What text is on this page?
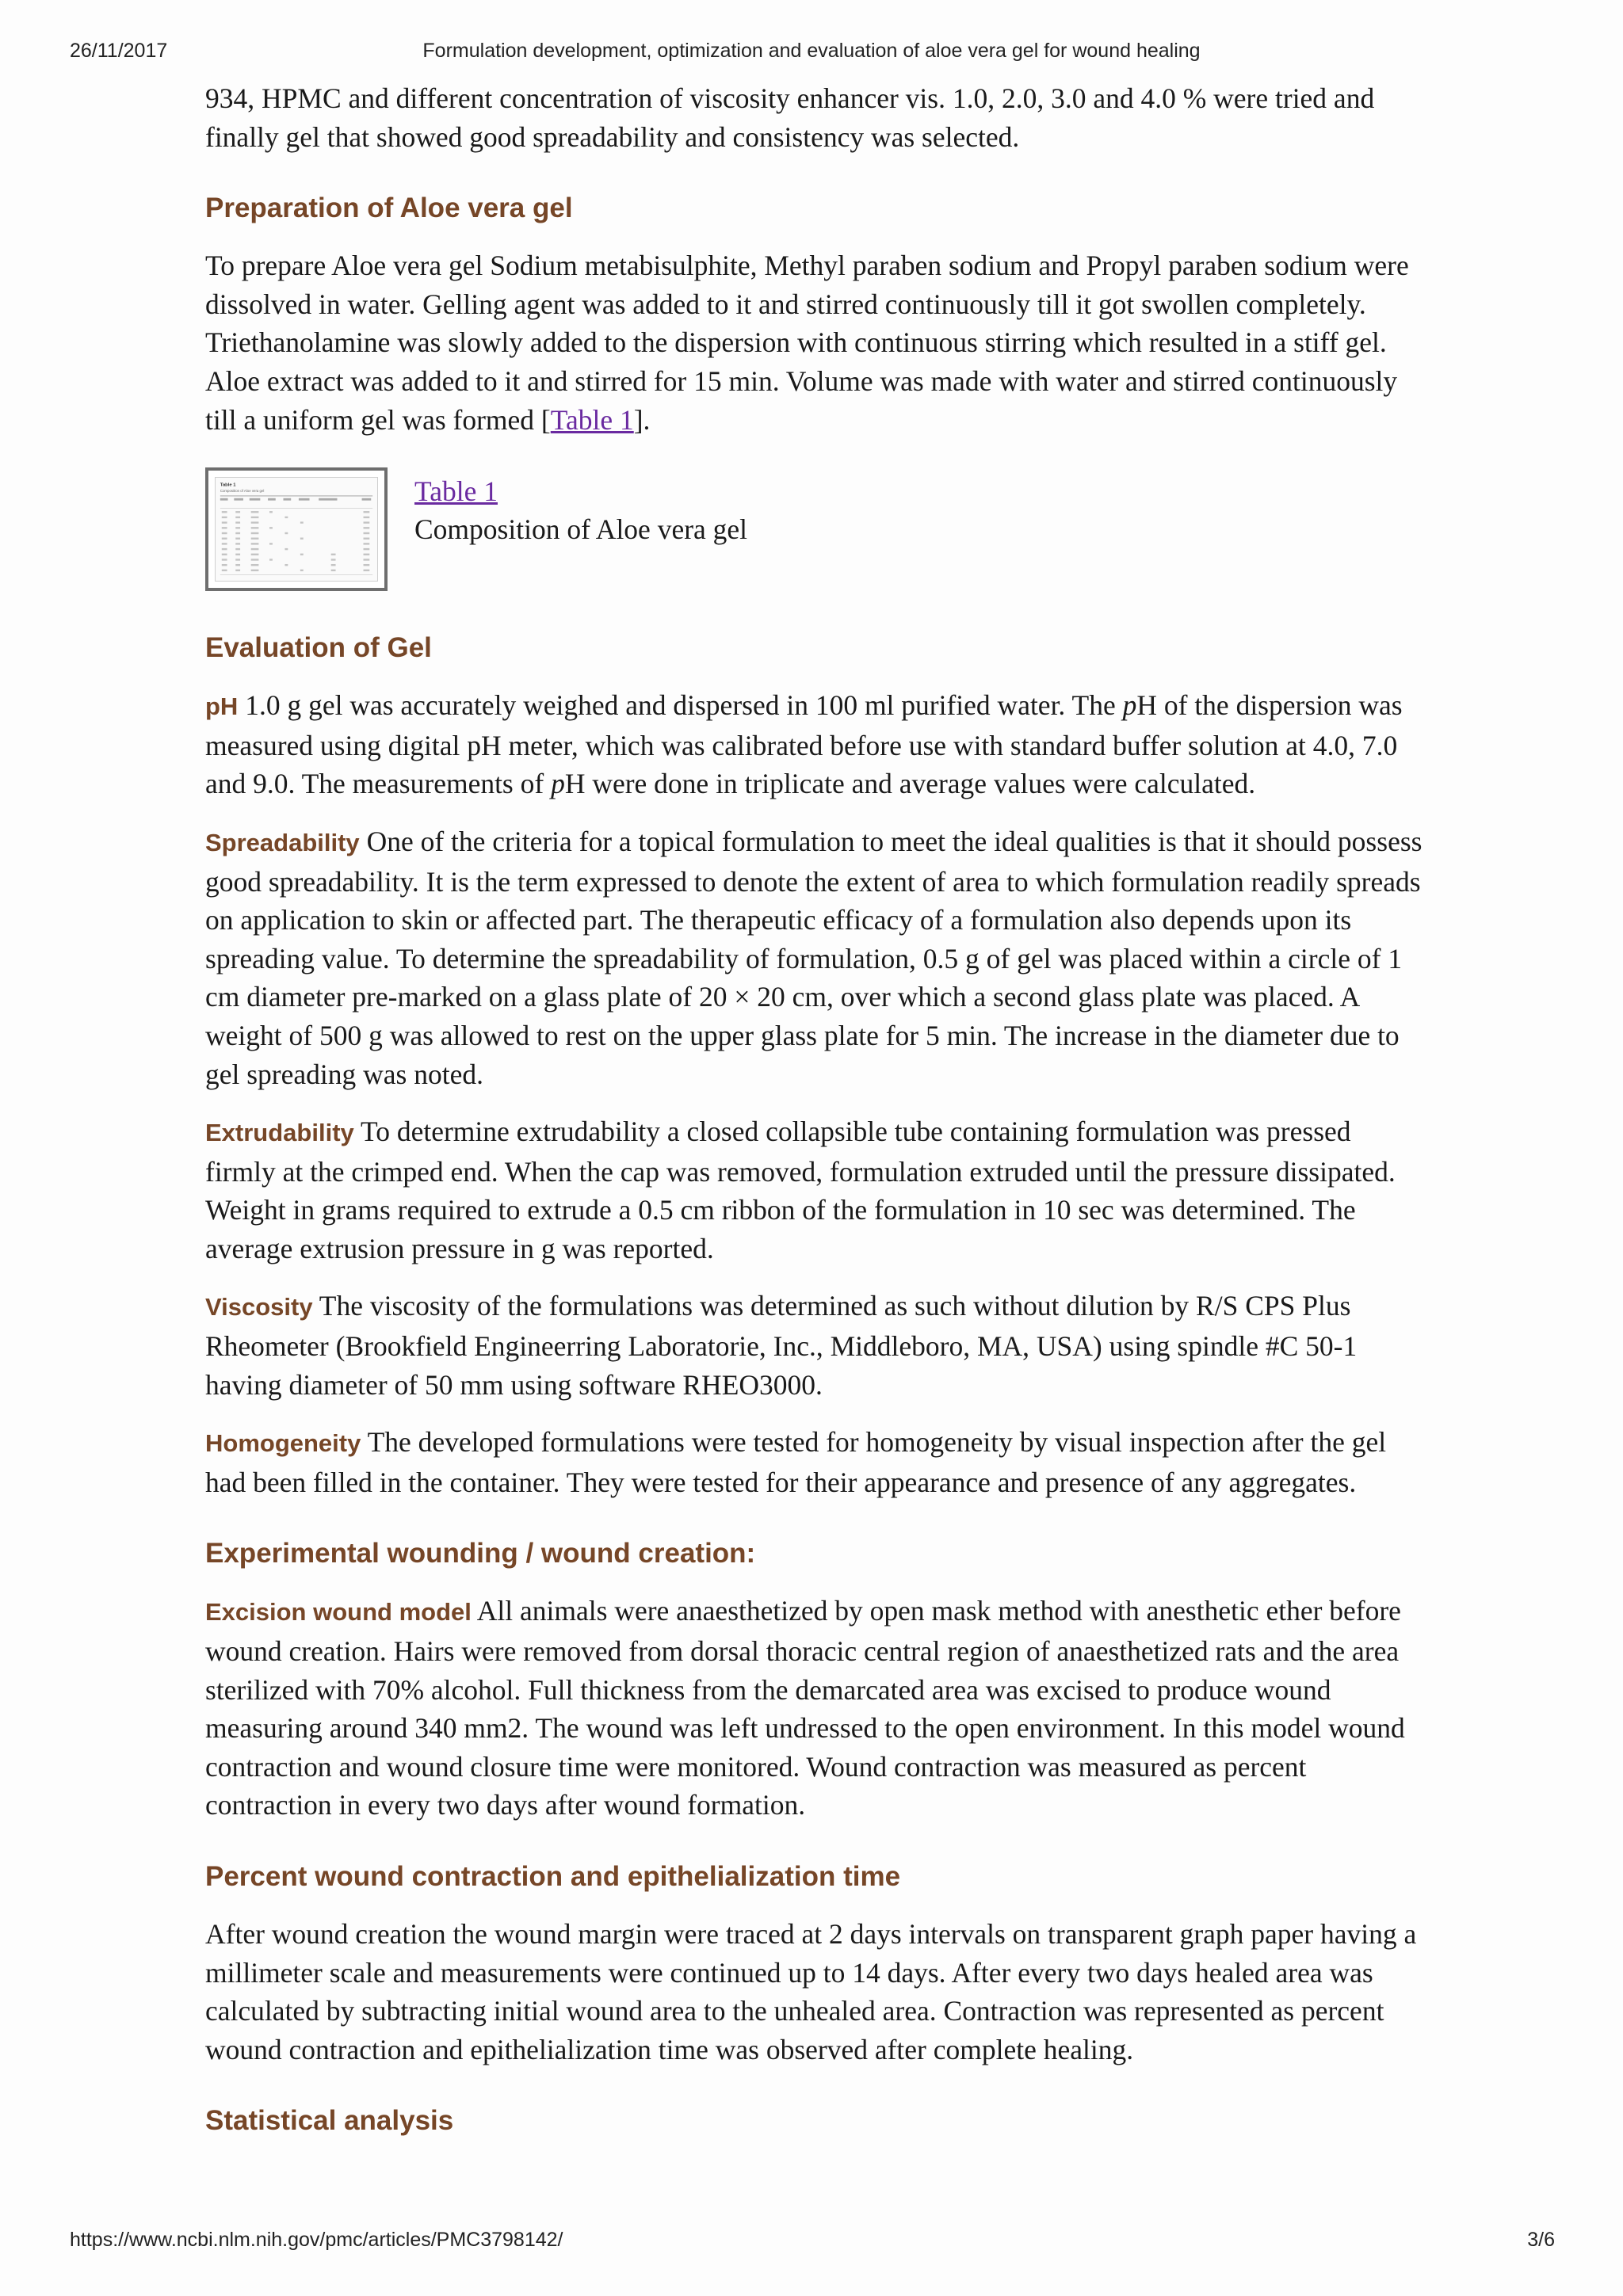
Formulation development, optimization and evaluation of aloe vera gel for wound healing
26/11/2017

934, HPMC and different concentration of viscosity enhancer vis. 1.0, 2.0, 3.0 and 4.0 % were tried and finally gel that showed good spreadability and consistency was selected.

Preparation of Aloe vera gel

To prepare Aloe vera gel Sodium metabisulphite, Methyl paraben sodium and Propyl paraben sodium were dissolved in water. Gelling agent was added to it and stirred continuously till it got swollen completely. Triethanolamine was slowly added to the dispersion with continuous stirring which resulted in a stiff gel. Aloe extract was added to it and stirred for 15 min. Volume was made with water and stirred continuously till a uniform gel was formed [Table 1].

Table 1
Composition of Aloe vera gel	Table 1

Composition of Aloe vera gel

Evaluation of Gel

pH 1.0 g gel was accurately weighed and dispersed in 100 ml purified water. The pH of the dispersion was measured using digital pH meter, which was calibrated before use with standard buffer solution at 4.0, 7.0 and 9.0. The measurements of pH were done in triplicate and average values were calculated.

Spreadability One of the criteria for a topical formulation to meet the ideal qualities is that it should possess good spreadability. It is the term expressed to denote the extent of area to which formulation readily spreads on application to skin or affected part. The therapeutic efficacy of a formulation also depends upon its spreading value. To determine the spreadability of formulation, 0.5 g of gel was placed within a circle of 1 cm diameter pre-marked on a glass plate of 20 × 20 cm, over which a second glass plate was placed. A weight of 500 g was allowed to rest on the upper glass plate for 5 min. The increase in the diameter due to gel spreading was noted.

Extrudability To determine extrudability a closed collapsible tube containing formulation was pressed firmly at the crimped end. When the cap was removed, formulation extruded until the pressure dissipated. Weight in grams required to extrude a 0.5 cm ribbon of the formulation in 10 sec was determined. The average extrusion pressure in g was reported.

Viscosity The viscosity of the formulations was determined as such without dilution by R/S CPS Plus Rheometer (Brookfield Engineerring Laboratorie, Inc., Middleboro, MA, USA) using spindle #C 50-1 having diameter of 50 mm using software RHEO3000.

Homogeneity The developed formulations were tested for homogeneity by visual inspection after the gel had been filled in the container. They were tested for their appearance and presence of any aggregates.

Experimental wounding / wound creation:

Excision wound model All animals were anaesthetized by open mask method with anesthetic ether before wound creation. Hairs were removed from dorsal thoracic central region of anaesthetized rats and the area sterilized with 70% alcohol. Full thickness from the demarcated area was excised to produce wound measuring around 340 mm2. The wound was left undressed to the open environment. In this model wound contraction and wound closure time were monitored. Wound contraction was measured as percent contraction in every two days after wound formation.

Percent wound contraction and epithelialization time

After wound creation the wound margin were traced at 2 days intervals on transparent graph paper having a millimeter scale and measurements were continued up to 14 days. After every two days healed area was calculated by subtracting initial wound area to the unhealed area. Contraction was represented as percent wound contraction and epithelialization time was observed after complete healing.

Statistical analysis
https://www.ncbi.nlm.nih.gov/pmc/articles/PMC3798142/	3/6
